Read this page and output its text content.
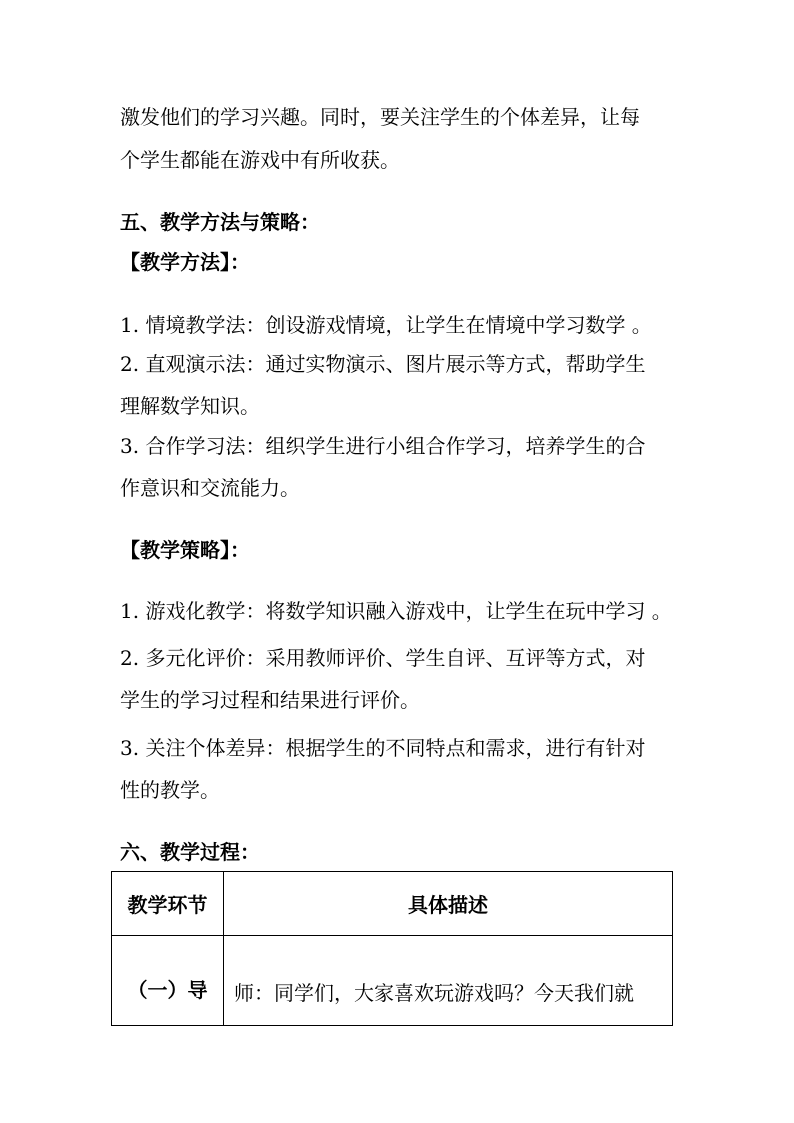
激发他们的学习兴趣。同时，要关注学生的个体差异，让每

个学生都能在游戏中有所收获。

五、教学方法与策略：

【教学方法】：

1. 情境教学法：创设游戏情境，让学生在情境中学习数学 。

2. 直观演示法：通过实物演示、图片展示等方式，帮助学生

理解数学知识。

3. 合作学习法：组织学生进行小组合作学习，培养学生的合

作意识和交流能力。

【教学策略】：

1. 游戏化教学：将数学知识融入游戏中，让学生在玩中学习 。

2. 多元化评价：采用教师评价、学生自评、互评等方式，对

学生的学习过程和结果进行评价。

3. 关注个体差异：根据学生的不同特点和需求，进行有针对

性的教学。

六、教学过程：

教学环节	具体描述
（一）导	师：同学们，大家喜欢玩游戏吗？今天我们就
